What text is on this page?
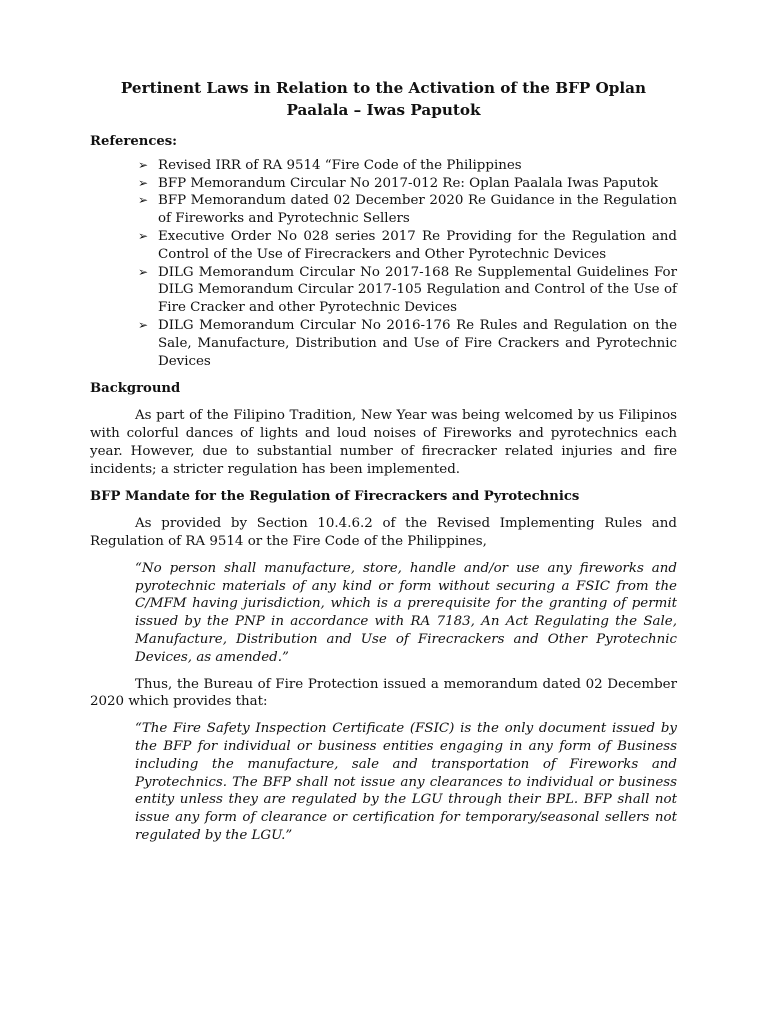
Pertinent Laws in Relation to the Activation of the BFP Oplan Paalala – Iwas Paputok

References:

➢ Revised IRR of RA 9514 “Fire Code of the Philippines
➢ BFP Memorandum Circular No 2017-012 Re: Oplan Paalala Iwas Paputok
➢ BFP Memorandum dated 02 December 2020 Re Guidance in the Regulation of Fireworks and Pyrotechnic Sellers
➢ Executive Order No 028 series 2017 Re Providing for the Regulation and Control of the Use of Firecrackers and Other Pyrotechnic Devices
➢ DILG Memorandum Circular No 2017-168 Re Supplemental Guidelines For DILG Memorandum Circular 2017-105 Regulation and Control of the Use of Fire Cracker and other Pyrotechnic Devices
➢ DILG Memorandum Circular No 2016-176 Re Rules and Regulation on the Sale, Manufacture, Distribution and Use of Fire Crackers and Pyrotechnic Devices

Background

As part of the Filipino Tradition, New Year was being welcomed by us Filipinos with colorful dances of lights and loud noises of Fireworks and pyrotechnics each year. However, due to substantial number of firecracker related injuries and fire incidents; a stricter regulation has been implemented.

BFP Mandate for the Regulation of Firecrackers and Pyrotechnics

As provided by Section 10.4.6.2 of the Revised Implementing Rules and Regulation of RA 9514 or the Fire Code of the Philippines,

“No person shall manufacture, store, handle and/or use any fireworks and pyrotechnic materials of any kind or form without securing a FSIC from the C/MFM having jurisdiction, which is a prerequisite for the granting of permit issued by the PNP in accordance with RA 7183, An Act Regulating the Sale, Manufacture, Distribution and Use of Firecrackers and Other Pyrotechnic Devices, as amended.”

Thus, the Bureau of Fire Protection issued a memorandum dated 02 December 2020 which provides that:

“The Fire Safety Inspection Certificate (FSIC) is the only document issued by the BFP for individual or business entities engaging in any form of Business including the manufacture, sale and transportation of Fireworks and Pyrotechnics. The BFP shall not issue any clearances to individual or business entity unless they are regulated by the LGU through their BPL. BFP shall not issue any form of clearance or certification for temporary/seasonal sellers not regulated by the LGU.”
